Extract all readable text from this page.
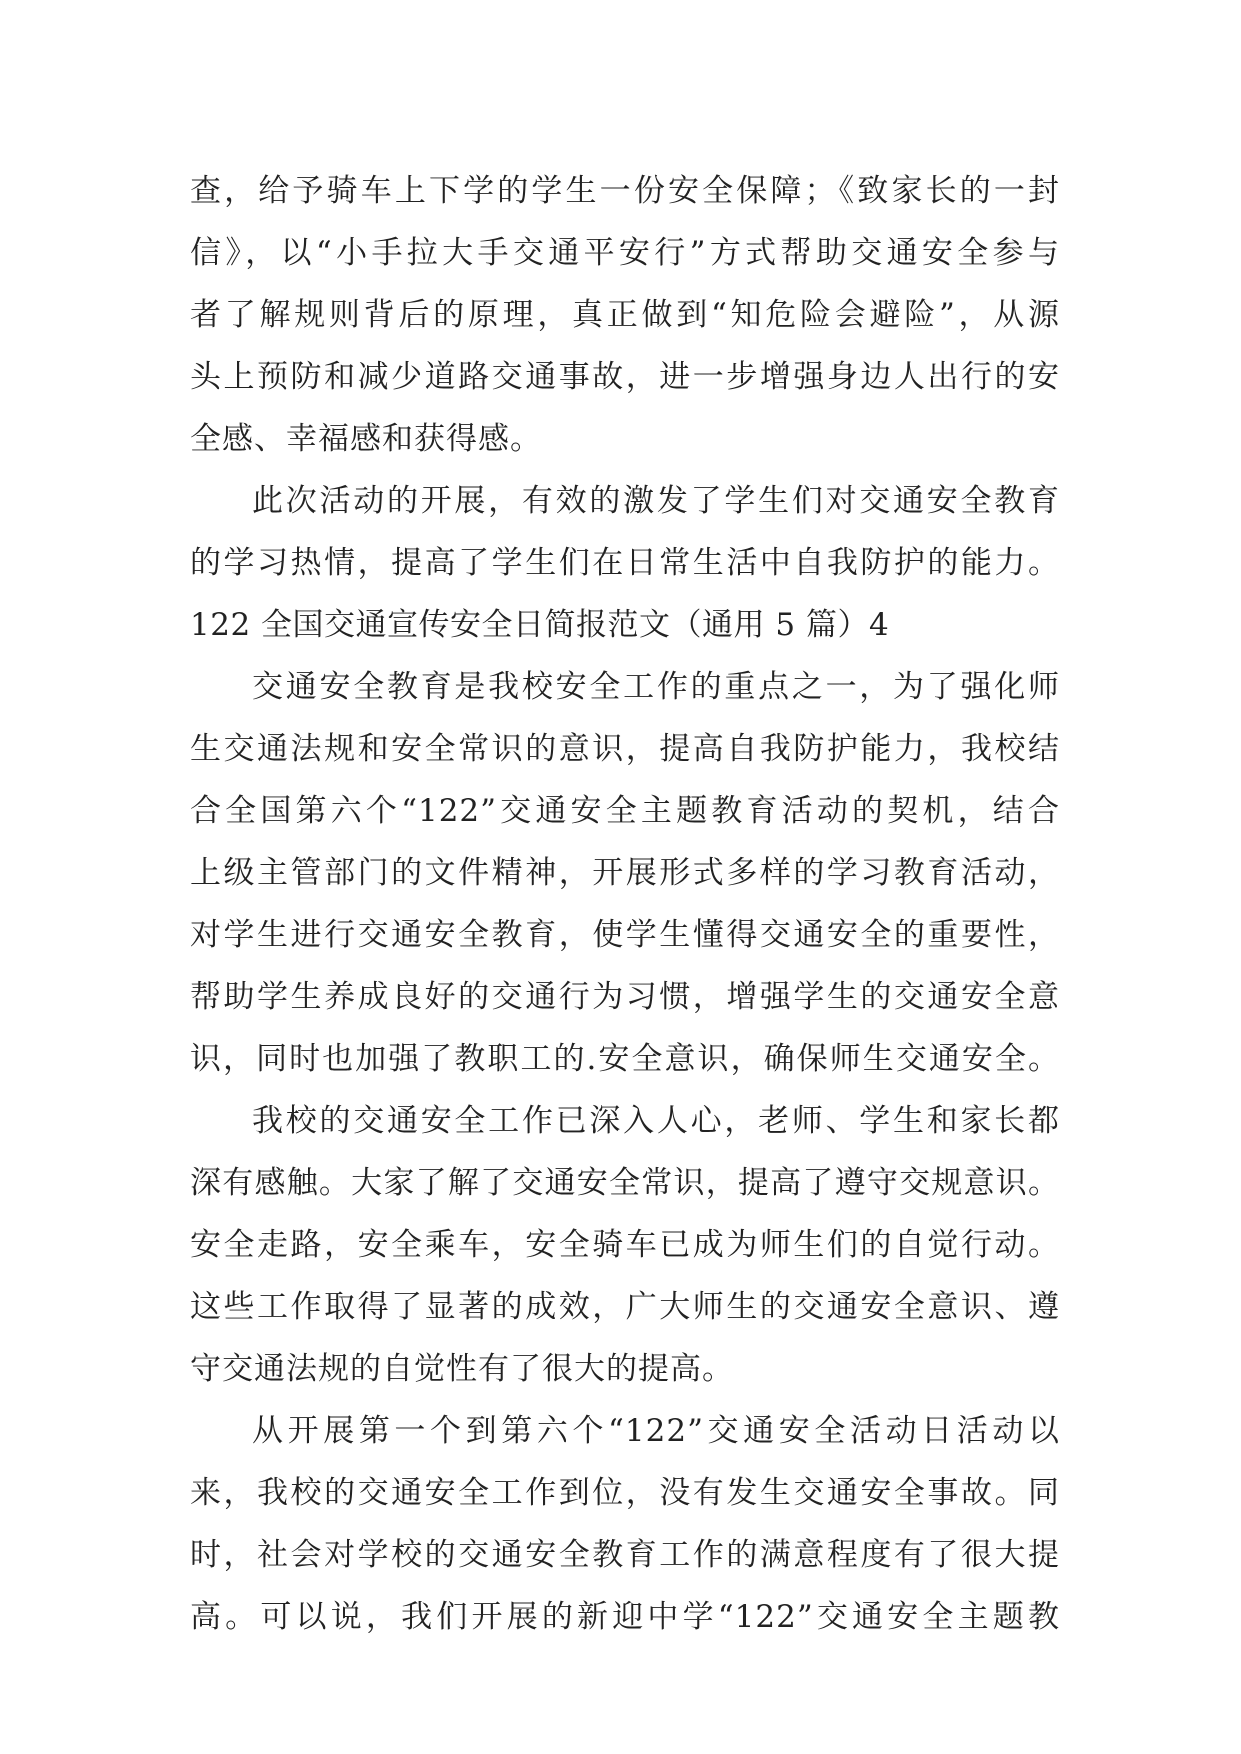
查，给予骑车上下学的学生一份安全保障；《致家长的一封
信》，以“小手拉大手交通平安行”方式帮助交通安全参与
者了解规则背后的原理，真正做到“知危险会避险”，从源
头上预防和减少道路交通事故，进一步增强身边人出行的安
全感、幸福感和获得感。
此次活动的开展，有效的激发了学生们对交通安全教育
的学习热情，提高了学生们在日常生活中自我防护的能力。
122 全国交通宣传安全日简报范文（通用 5 篇）4
交通安全教育是我校安全工作的重点之一，为了强化师
生交通法规和安全常识的意识，提高自我防护能力，我校结
合全国第六个“122”交通安全主题教育活动的契机，结合
上级主管部门的文件精神，开展形式多样的学习教育活动，
对学生进行交通安全教育，使学生懂得交通安全的重要性，
帮助学生养成良好的交通行为习惯，增强学生的交通安全意
识，同时也加强了教职工的.安全意识，确保师生交通安全。
我校的交通安全工作已深入人心，老师、学生和家长都
深有感触。大家了解了交通安全常识，提高了遵守交规意识。
安全走路，安全乘车，安全骑车已成为师生们的自觉行动。
这些工作取得了显著的成效，广大师生的交通安全意识、遵
守交通法规的自觉性有了很大的提高。
从开展第一个到第六个“122”交通安全活动日活动以
来，我校的交通安全工作到位，没有发生交通安全事故。同
时，社会对学校的交通安全教育工作的满意程度有了很大提
高。可以说，我们开展的新迎中学“122”交通安全主题教
